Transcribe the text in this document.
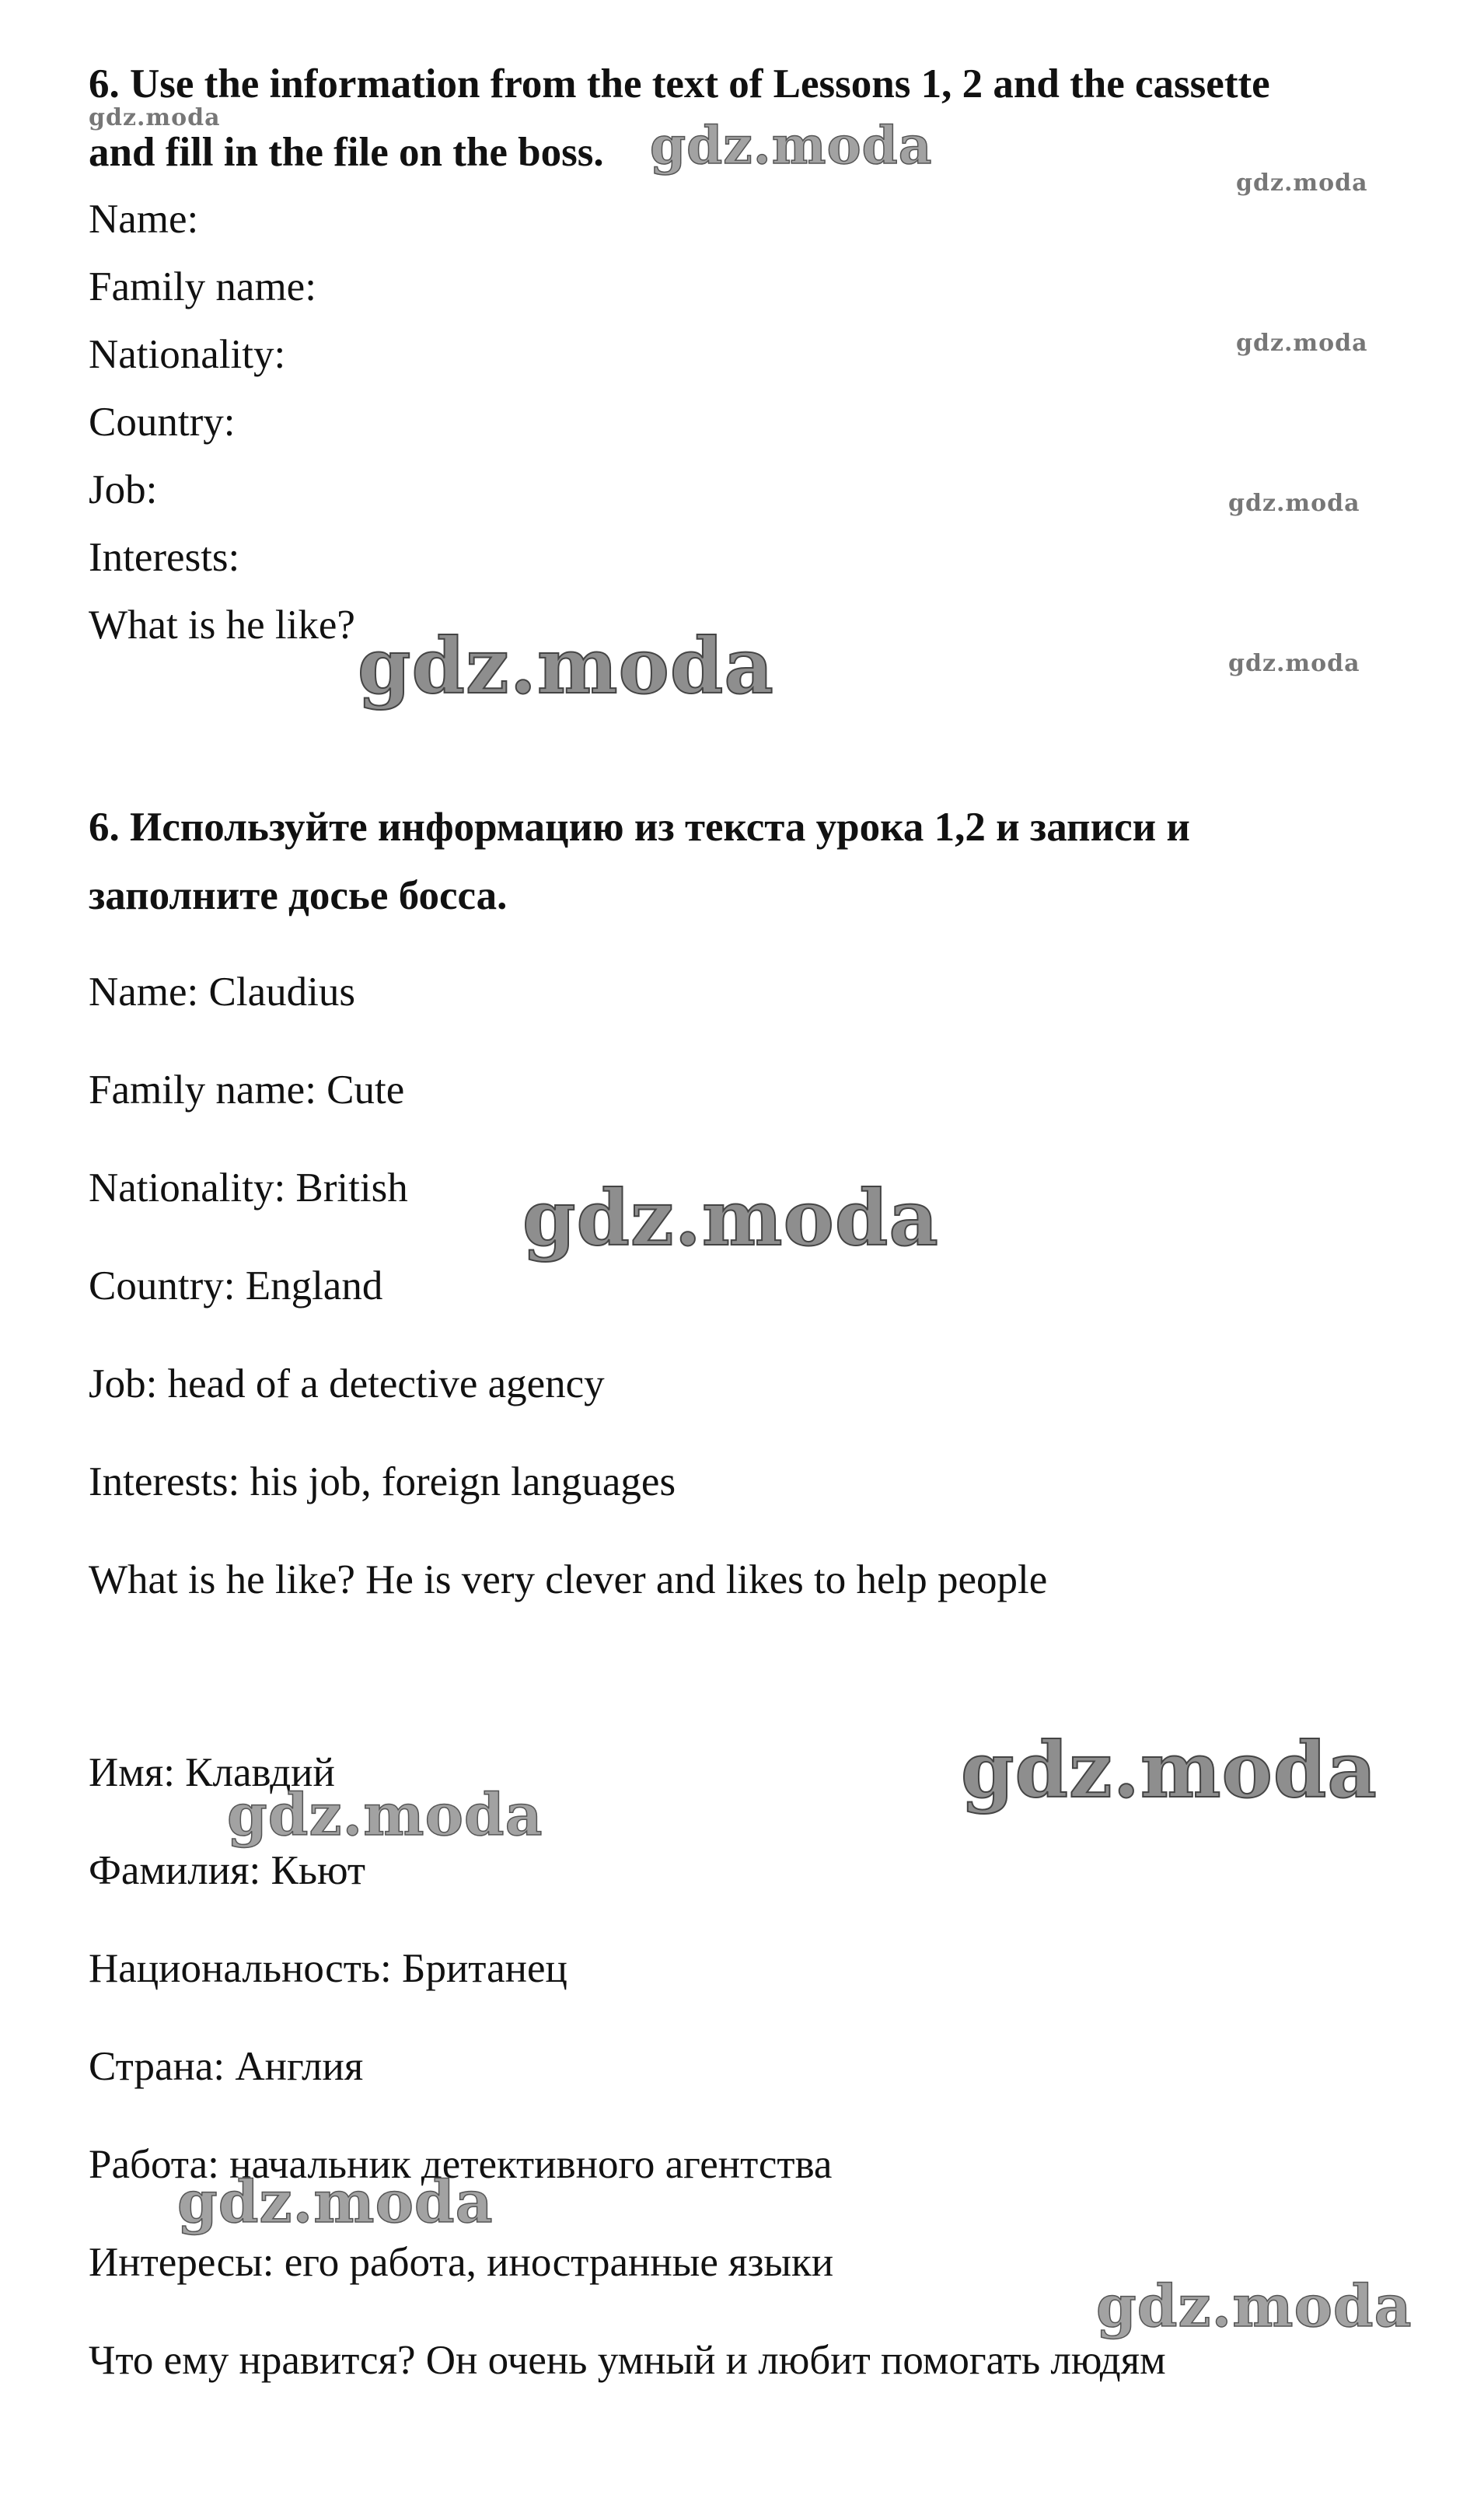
6. Use the information from the text of Lessons 1, 2 and the cassette
and fill in the file on the boss.
Name:
Family name:
Nationality:
Country:
Job:
Interests:
What is he like?
6. Используйте информацию из текста урока 1,2 и записи и
заполните досье босса.
Name: Claudius
Family name: Cute
Nationality: British
Country: England
Job: head of a detective agency
Interests: his job, foreign languages
What is he like? He is very clever and likes to help people
Имя: Клавдий
Фамилия: Кьют
Национальность: Британец
Страна: Англия
Работа: начальник детективного агентства
Интересы: его работа, иностранные языки
Что ему нравится? Он очень умный и любит помогать людям
gdz.moda	gdz.moda
gdz.moda
gdz.moda
gdz.moda
gdz.moda
gdz.moda
gdz.moda
gdz.moda
gdz.moda
gdz.moda
gdz.moda
